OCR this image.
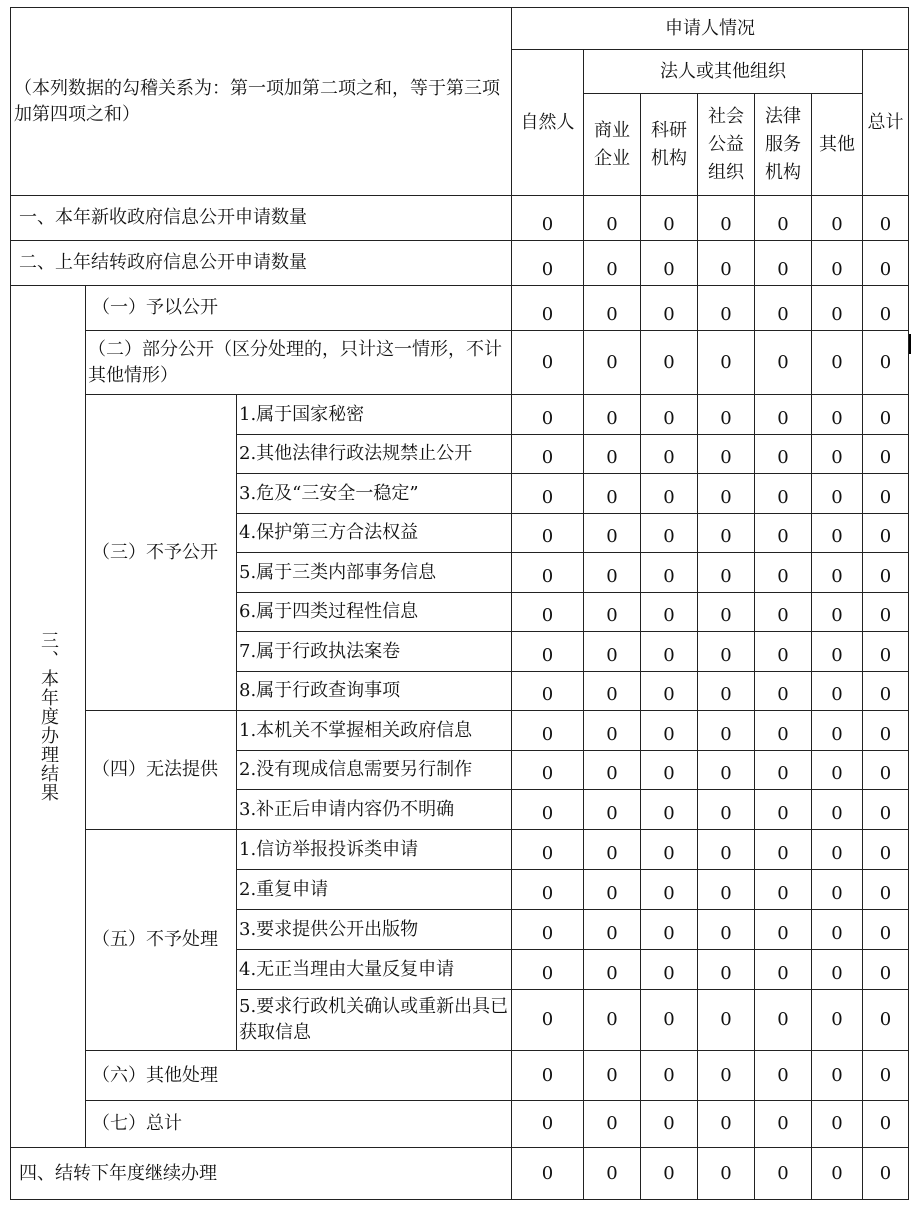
（本列数据的勾稽关系为：第一项加第二项之和，等于第三项加第四项之和）			申请人情况						
			自然人	法人或其他组织					总计

				商业企业	科研机构	社会公益组织	法律服务机构	其他	
一、本年新收政府信息公开申请数量			0	0	0	0	0	0	0
二、上年结转政府信息公开申请数量			0	0	0	0	0	0	0
三、本年度办理结果	（一）予以公开		0	0	0	0	0	0	0
	（二）部分公开（区分处理的，只计这一情形，不计其他情形）		0	0	0	0	0	0	0
	（三）不予公开	1.属于国家秘密	0	0	0	0	0	0	0
		2.其他法律行政法规禁止公开	0	0	0	0	0	0	0
		3.危及“三安全一稳定”	0	0	0	0	0	0	0
		4.保护第三方合法权益	0	0	0	0	0	0	0
		5.属于三类内部事务信息	0	0	0	0	0	0	0
		6.属于四类过程性信息	0	0	0	0	0	0	0
		7.属于行政执法案卷	0	0	0	0	0	0	0
		8.属于行政查询事项	0	0	0	0	0	0	0
	（四）无法提供	1.本机关不掌握相关政府信息	0	0	0	0	0	0	0
		2.没有现成信息需要另行制作	0	0	0	0	0	0	0
		3.补正后申请内容仍不明确	0	0	0	0	0	0	0
	（五）不予处理	1.信访举报投诉类申请	0	0	0	0	0	0	0
		2.重复申请	0	0	0	0	0	0	0
		3.要求提供公开出版物	0	0	0	0	0	0	0
		4.无正当理由大量反复申请	0	0	0	0	0	0	0
		5.要求行政机关确认或重新出具已获取信息	0	0	0	0	0	0	0
	（六）其他处理		0	0	0	0	0	0	0
	（七）总计		0	0	0	0	0	0	0
四、结转下年度继续办理			0	0	0	0	0	0	0
